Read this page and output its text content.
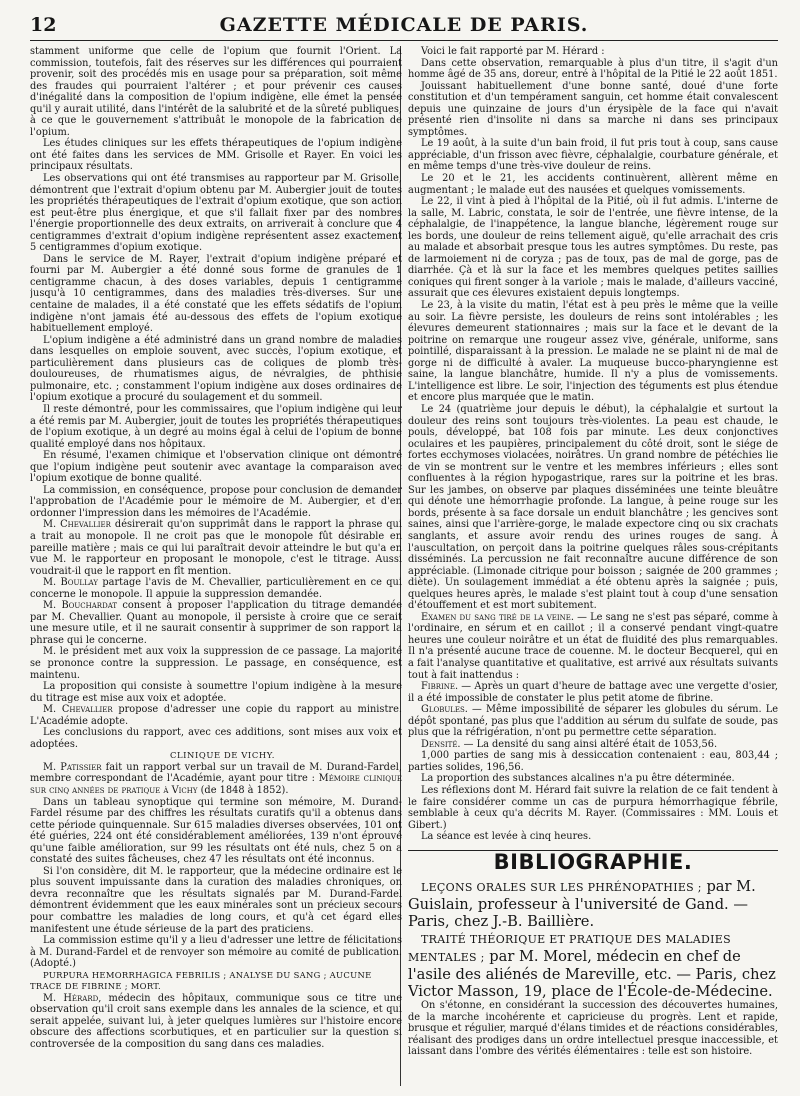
12	GAZETTE MÉDICALE DE PARIS.

stamment uniforme que celle de l'opium que fournit l'Orient. La commission, toutefois, fait des réserves sur les différences qui pourraient provenir, soit des procédés mis en usage pour sa préparation, soit même des fraudes qui pourraient l'altérer ; et pour prévenir ces causes d'inégalité dans la composition de l'opium indigène, elle émet la pensée qu'il y aurait utilité, dans l'intérêt de la salubrité et de la sûreté publiques, à ce que le gouvernement s'attribuât le monopole de la fabrication de l'opium.

Les études cliniques sur les effets thérapeutiques de l'opium indigène ont été faites dans les services de MM. Grisolle et Rayer. En voici les principaux résultats.

Les observations qui ont été transmises au rapporteur par M. Grisolle, démontrent que l'extrait d'opium obtenu par M. Aubergier jouit de toutes les propriétés thérapeutiques de l'extrait d'opium exotique, que son action est peut-être plus énergique, et que s'il fallait fixer par des nombres l'énergie proportionnelle des deux extraits, on arriverait à conclure que 4 centigrammes d'extrait d'opium indigène représentent assez exactement 5 centigrammes d'opium exotique.

Dans le service de M. Rayer, l'extrait d'opium indigène préparé et fourni par M. Aubergier a été donné sous forme de granules de 1 centigramme chacun, à des doses variables, depuis 1 centigramme jusqu'à 10 centigrammes, dans des maladies très-diverses. Sur une centaine de malades, il a été constaté que les effets sédatifs de l'opium indigène n'ont jamais été au-dessous des effets de l'opium exotique habituellement employé.

L'opium indigène a été administré dans un grand nombre de maladies dans lesquelles on emploie souvent, avec succès, l'opium exotique, et particulièrement dans plusieurs cas de coliques de plomb très-douloureuses, de rhumatismes aigus, de névralgies, de phthisie pulmonaire, etc. ; constamment l'opium indigène aux doses ordinaires de l'opium exotique a procuré du soulagement et du sommeil.

Il reste démontré, pour les commissaires, que l'opium indigène qui leur a été remis par M. Aubergier, jouit de toutes les propriétés thérapeutiques de l'opium exotique, à un degré au moins égal à celui de l'opium de bonne qualité employé dans nos hôpitaux.

En résumé, l'examen chimique et l'observation clinique ont démontré que l'opium indigène peut soutenir avec avantage la comparaison avec l'opium exotique de bonne qualité.

La commission, en conséquence, propose pour conclusion de demander l'approbation de l'Académie pour le mémoire de M. Aubergier, et d'en ordonner l'impression dans les mémoires de l'Académie.

M. Chevallier désirerait qu'on supprimât dans le rapport la phrase qui a trait au monopole. Il ne croit pas que le monopole fût désirable en pareille matière ; mais ce qui lui paraîtrait devoir atteindre le but qu'a en vue M. le rapporteur en proposant le monopole, c'est le titrage. Aussi voudrait-il que le rapport en fît mention.

M. Boullay partage l'avis de M. Chevallier, particulièrement en ce qui concerne le monopole. Il appuie la suppression demandée.

M. Bouchardat consent à proposer l'application du titrage demandée par M. Chevallier. Quant au monopole, il persiste à croire que ce serait une mesure utile, et il ne saurait consentir à supprimer de son rapport la phrase qui le concerne.

M. le président met aux voix la suppression de ce passage. La majorité se prononce contre la suppression. Le passage, en conséquence, est maintenu.

La proposition qui consiste à soumettre l'opium indigène à la mesure du titrage est mise aux voix et adoptée.

M. Chevallier propose d'adresser une copie du rapport au ministre. L'Académie adopte.

Les conclusions du rapport, avec ces additions, sont mises aux voix et adoptées.

CLINIQUE DE VICHY.

M. Patissier fait un rapport verbal sur un travail de M. Durand-Fardel, membre correspondant de l'Académie, ayant pour titre : Mémoire clinique sur cinq années de pratique à Vichy (de 1848 à 1852).

Dans un tableau synoptique qui termine son mémoire, M. Durand-Fardel résume par des chiffres les résultats curatifs qu'il a obtenus dans cette période quinquennale. Sur 615 maladies diverses observées, 101 ont été guéries, 224 ont été considérablement améliorées, 139 n'ont éprouvé qu'une faible amélioration, sur 99 les résultats ont été nuls, chez 5 on a constaté des suites fâcheuses, chez 47 les résultats ont été inconnus.

Si l'on considère, dit M. le rapporteur, que la médecine ordinaire est le plus souvent impuissante dans la curation des maladies chroniques, on devra reconnaître que les résultats signalés par M. Durand-Fardel démontrent évidemment que les eaux minérales sont un précieux secours pour combattre les maladies de long cours, et qu'à cet égard elles manifestent une étude sérieuse de la part des praticiens.

La commission estime qu'il y a lieu d'adresser une lettre de félicitations à M. Durand-Fardel et de renvoyer son mémoire au comité de publication. (Adopté.)

PURPURA HEMORRHAGICA FEBRILIS ; ANALYSE DU SANG ; AUCUNE TRACE DE FIBRINE ; MORT.

M. Hérard, médecin des hôpitaux, communique sous ce titre une observation qu'il croit sans exemple dans les annales de la science, et qui serait appelée, suivant lui, à jeter quelques lumières sur l'histoire encore obscure des affections scorbutiques, et en particulier sur la question si controversée de la composition du sang dans ces maladies.

Voici le fait rapporté par M. Hérard :

Dans cette observation, remarquable à plus d'un titre, il s'agit d'un homme âgé de 35 ans, doreur, entré à l'hôpital de la Pitié le 22 août 1851.

Jouissant habituellement d'une bonne santé, doué d'une forte constitution et d'un tempérament sanguin, cet homme était convalescent depuis une quinzaine de jours d'un érysipèle de la face qui n'avait présenté rien d'insolite ni dans sa marche ni dans ses principaux symptômes.

Le 19 août, à la suite d'un bain froid, il fut pris tout à coup, sans cause appréciable, d'un frisson avec fièvre, céphalalgie, courbature générale, et en même temps d'une très-vive douleur de reins.

Le 20 et le 21, les accidents continuèrent, allèrent même en augmentant ; le malade eut des nausées et quelques vomissements.

Le 22, il vint à pied à l'hôpital de la Pitié, où il fut admis. L'interne de la salle, M. Labric, constata, le soir de l'entrée, une fièvre intense, de la céphalalgie, de l'inappétence, la langue blanche, légèrement rouge sur les bords, une douleur de reins tellement aiguë, qu'elle arrachait des cris au malade et absorbait presque tous les autres symptômes. Du reste, pas de larmoiement ni de coryza ; pas de toux, pas de mal de gorge, pas de diarrhée. Çà et là sur la face et les membres quelques petites saillies coniques qui firent songer à la variole ; mais le malade, d'ailleurs vacciné, assurait que ces élevures existaient depuis longtemps.

Le 23, à la visite du matin, l'état est à peu près le même que la veille au soir. La fièvre persiste, les douleurs de reins sont intolérables ; les élevures demeurent stationnaires ; mais sur la face et le devant de la poitrine on remarque une rougeur assez vive, générale, uniforme, sans pointillé, disparaissant à la pression. Le malade ne se plaint ni de mal de gorge ni de difficulté à avaler. La muqueuse bucco-pharyngienne est saine, la langue blanchâtre, humide. Il n'y a plus de vomissements. L'intelligence est libre. Le soir, l'injection des téguments est plus étendue et encore plus marquée que le matin.

Le 24 (quatrième jour depuis le début), la céphalalgie et surtout la douleur des reins sont toujours très-violentes. La peau est chaude, le pouls, développé, bat 108 fois par minute. Les deux conjonctives oculaires et les paupières, principalement du côté droit, sont le siége de fortes ecchymoses violacées, noirâtres. Un grand nombre de pétéchies lie de vin se montrent sur le ventre et les membres inférieurs ; elles sont confluentes à la région hypogastrique, rares sur la poitrine et les bras. Sur les jambes, on observe par plaques disséminées une teinte bleuâtre qui dénote une hémorrhagie profonde. La langue, à peine rouge sur les bords, présente à sa face dorsale un enduit blanchâtre ; les gencives sont saines, ainsi que l'arrière-gorge, le malade expectore cinq ou six crachats sanglants, et assure avoir rendu des urines rouges de sang. À l'auscultation, on perçoit dans la poitrine quelques râles sous-crépitants disséminés. La percussion ne fait reconnaître aucune différence de son appréciable. (Limonade citrique pour boisson ; saignée de 200 grammes ; diète). Un soulagement immédiat a été obtenu après la saignée ; puis, quelques heures après, le malade s'est plaint tout à coup d'une sensation d'étouffement et est mort subitement.

Examen du sang tiré de la veine. — Le sang ne s'est pas séparé, comme à l'ordinaire, en sérum et en caillot ; il a conservé pendant vingt-quatre heures une couleur noirâtre et un état de fluidité des plus remarquables. Il n'a présenté aucune trace de couenne. M. le docteur Becquerel, qui en a fait l'analyse quantitative et qualitative, est arrivé aux résultats suivants tout à fait inattendus :

Fibrine. — Après un quart d'heure de battage avec une vergette d'osier, il a été impossible de constater le plus petit atome de fibrine.

Globules. — Même impossibilité de séparer les globules du sérum. Le dépôt spontané, pas plus que l'addition au sérum du sulfate de soude, pas plus que la réfrigération, n'ont pu permettre cette séparation.

Densité. — La densité du sang ainsi altéré était de 1053,56.

1,000 parties de sang mis à dessiccation contenaient : eau, 803,44 ; parties solides, 196,56.

La proportion des substances alcalines n'a pu être déterminée.

Les réflexions dont M. Hérard fait suivre la relation de ce fait tendent à le faire considérer comme un cas de purpura hémorrhagique fébrile, semblable à ceux qu'a décrits M. Rayer. (Commissaires : MM. Louis et Gibert.)

La séance est levée à cinq heures.

BIBLIOGRAPHIE.

LEÇONS ORALES SUR LES PHRÉNOPATHIES ; par M. Guislain, professeur à l'université de Gand. — Paris, chez J.-B. Baillière.

TRAITÉ THÉORIQUE ET PRATIQUE DES MALADIES MENTALES ; par M. Morel, médecin en chef de l'asile des aliénés de Mareville, etc. — Paris, chez Victor Masson, 19, place de l'École-de-Médecine.

On s'étonne, en considérant la succession des découvertes humaines, de la marche incohérente et capricieuse du progrès. Lent et rapide, brusque et régulier, marqué d'élans timides et de réactions considérables, réalisant des prodiges dans un ordre intellectuel presque inaccessible, et laissant dans l'ombre des vérités élémentaires : telle est son histoire.
